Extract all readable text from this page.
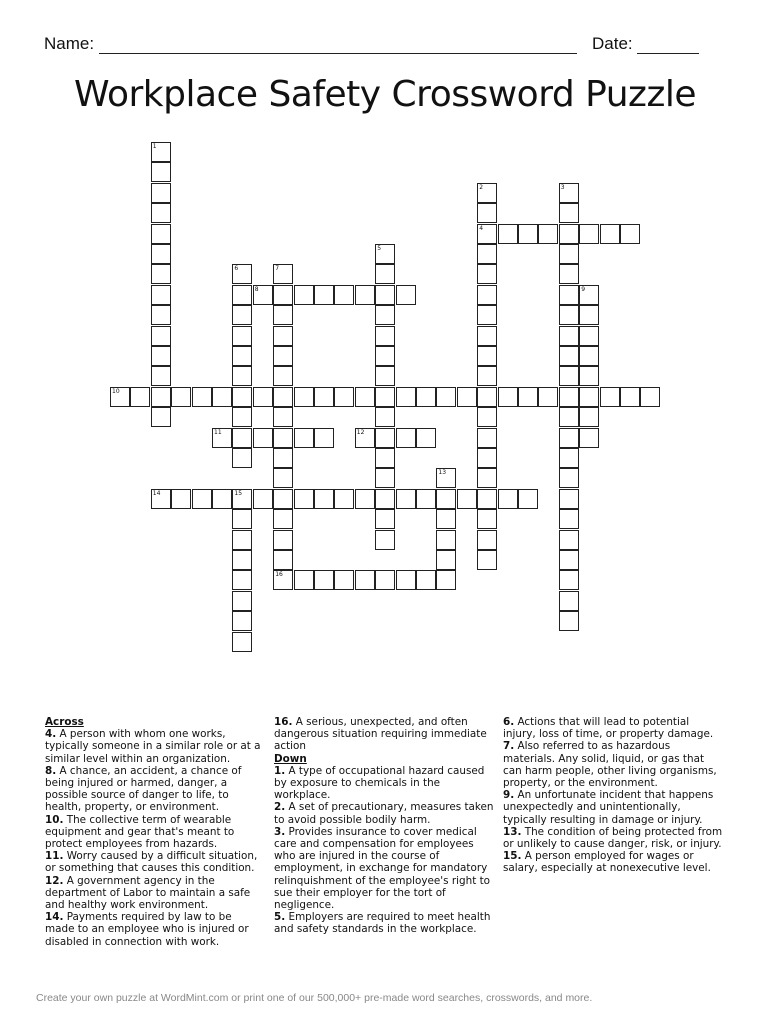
Name:	Date:
Workplace Safety Crossword Puzzle
1
2
4
3
5
6	7
8	9
10
11	12
13
14	15
16

Across

4. A person with whom one works, typically someone in a similar role or at a similar level within an organization.

8. A chance, an accident, a chance of being injured or harmed, danger, a possible source of danger to life, to health, property, or environment.

10. The collective term of wearable equipment and gear that's meant to protect employees from hazards.

11. Worry caused by a difficult situation, or something that causes this condition.

12. A government agency in the department of Labor to maintain a safe and healthy work environment.

14. Payments required by law to be made to an employee who is injured or disabled in connection with work.

16. A serious, unexpected, and often dangerous situation requiring immediate action

Down

1. A type of occupational hazard caused by exposure to chemicals in the workplace.

2. A set of precautionary, measures taken to avoid possible bodily harm.

3. Provides insurance to cover medical care and compensation for employees who are injured in the course of employment, in exchange for mandatory relinquishment of the employee's right to sue their employer for the tort of negligence.

5. Employers are required to meet health and safety standards in the workplace.

6. Actions that will lead to potential injury, loss of time, or property damage.

7. Also referred to as hazardous materials. Any solid, liquid, or gas that can harm people, other living organisms, property, or the environment.

9. An unfortunate incident that happens unexpectedly and unintentionally, typically resulting in damage or injury.

13. The condition of being protected from or unlikely to cause danger, risk, or injury.

15. A person employed for wages or salary, especially at nonexecutive level.

Create your own puzzle at WordMint.com or print one of our 500,000+ pre-made word searches, crosswords, and more.
